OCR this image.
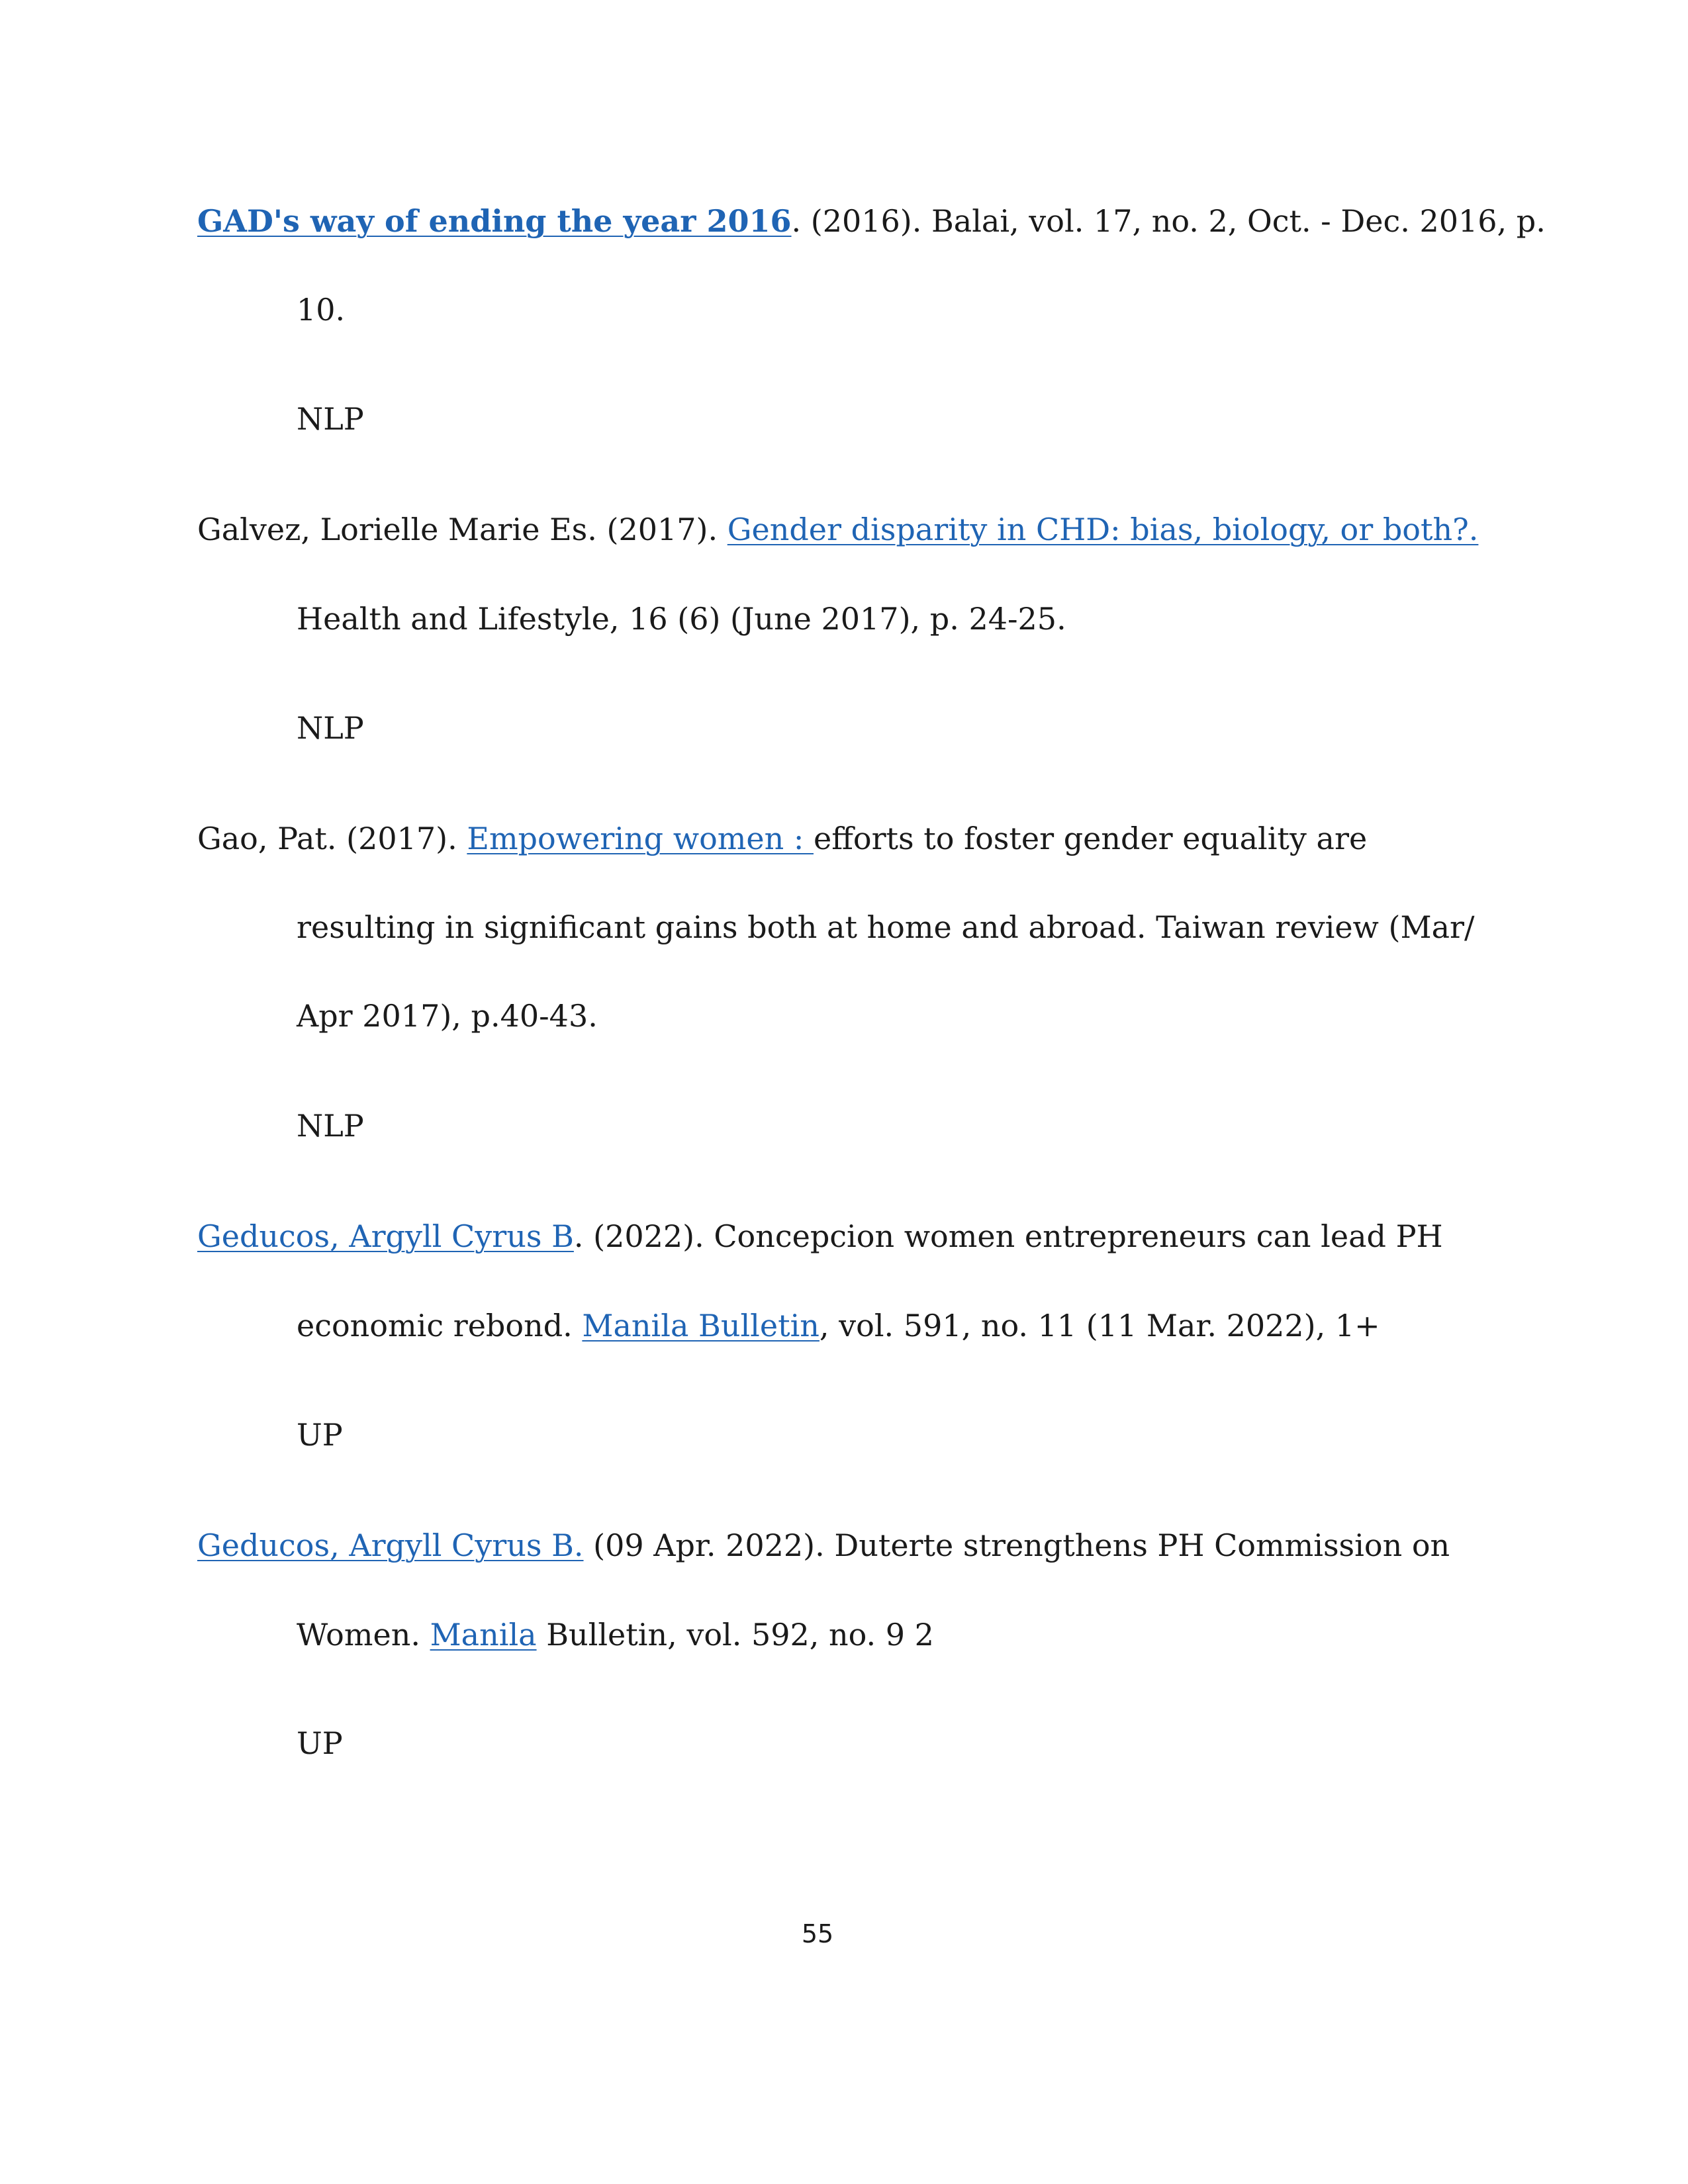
GAD's way of ending the year 2016. (2016). Balai, vol. 17, no. 2, Oct. - Dec. 2016, p.
10.
NLP
Galvez, Lorielle Marie Es. (2017). Gender disparity in CHD: bias, biology, or both?.
Health and Lifestyle, 16 (6) (June 2017), p. 24-25.
NLP
Gao, Pat. (2017). Empowering women : efforts to foster gender equality are
resulting in significant gains both at home and abroad. Taiwan review (Mar/
Apr 2017), p.40-43.
NLP
Geducos, Argyll Cyrus B. (2022). Concepcion women entrepreneurs can lead PH
economic rebond. Manila Bulletin, vol. 591, no. 11 (11 Mar. 2022), 1+
UP
Geducos, Argyll Cyrus B. (09 Apr. 2022). Duterte strengthens PH Commission on
Women. Manila Bulletin, vol. 592, no. 9 2
UP
55
